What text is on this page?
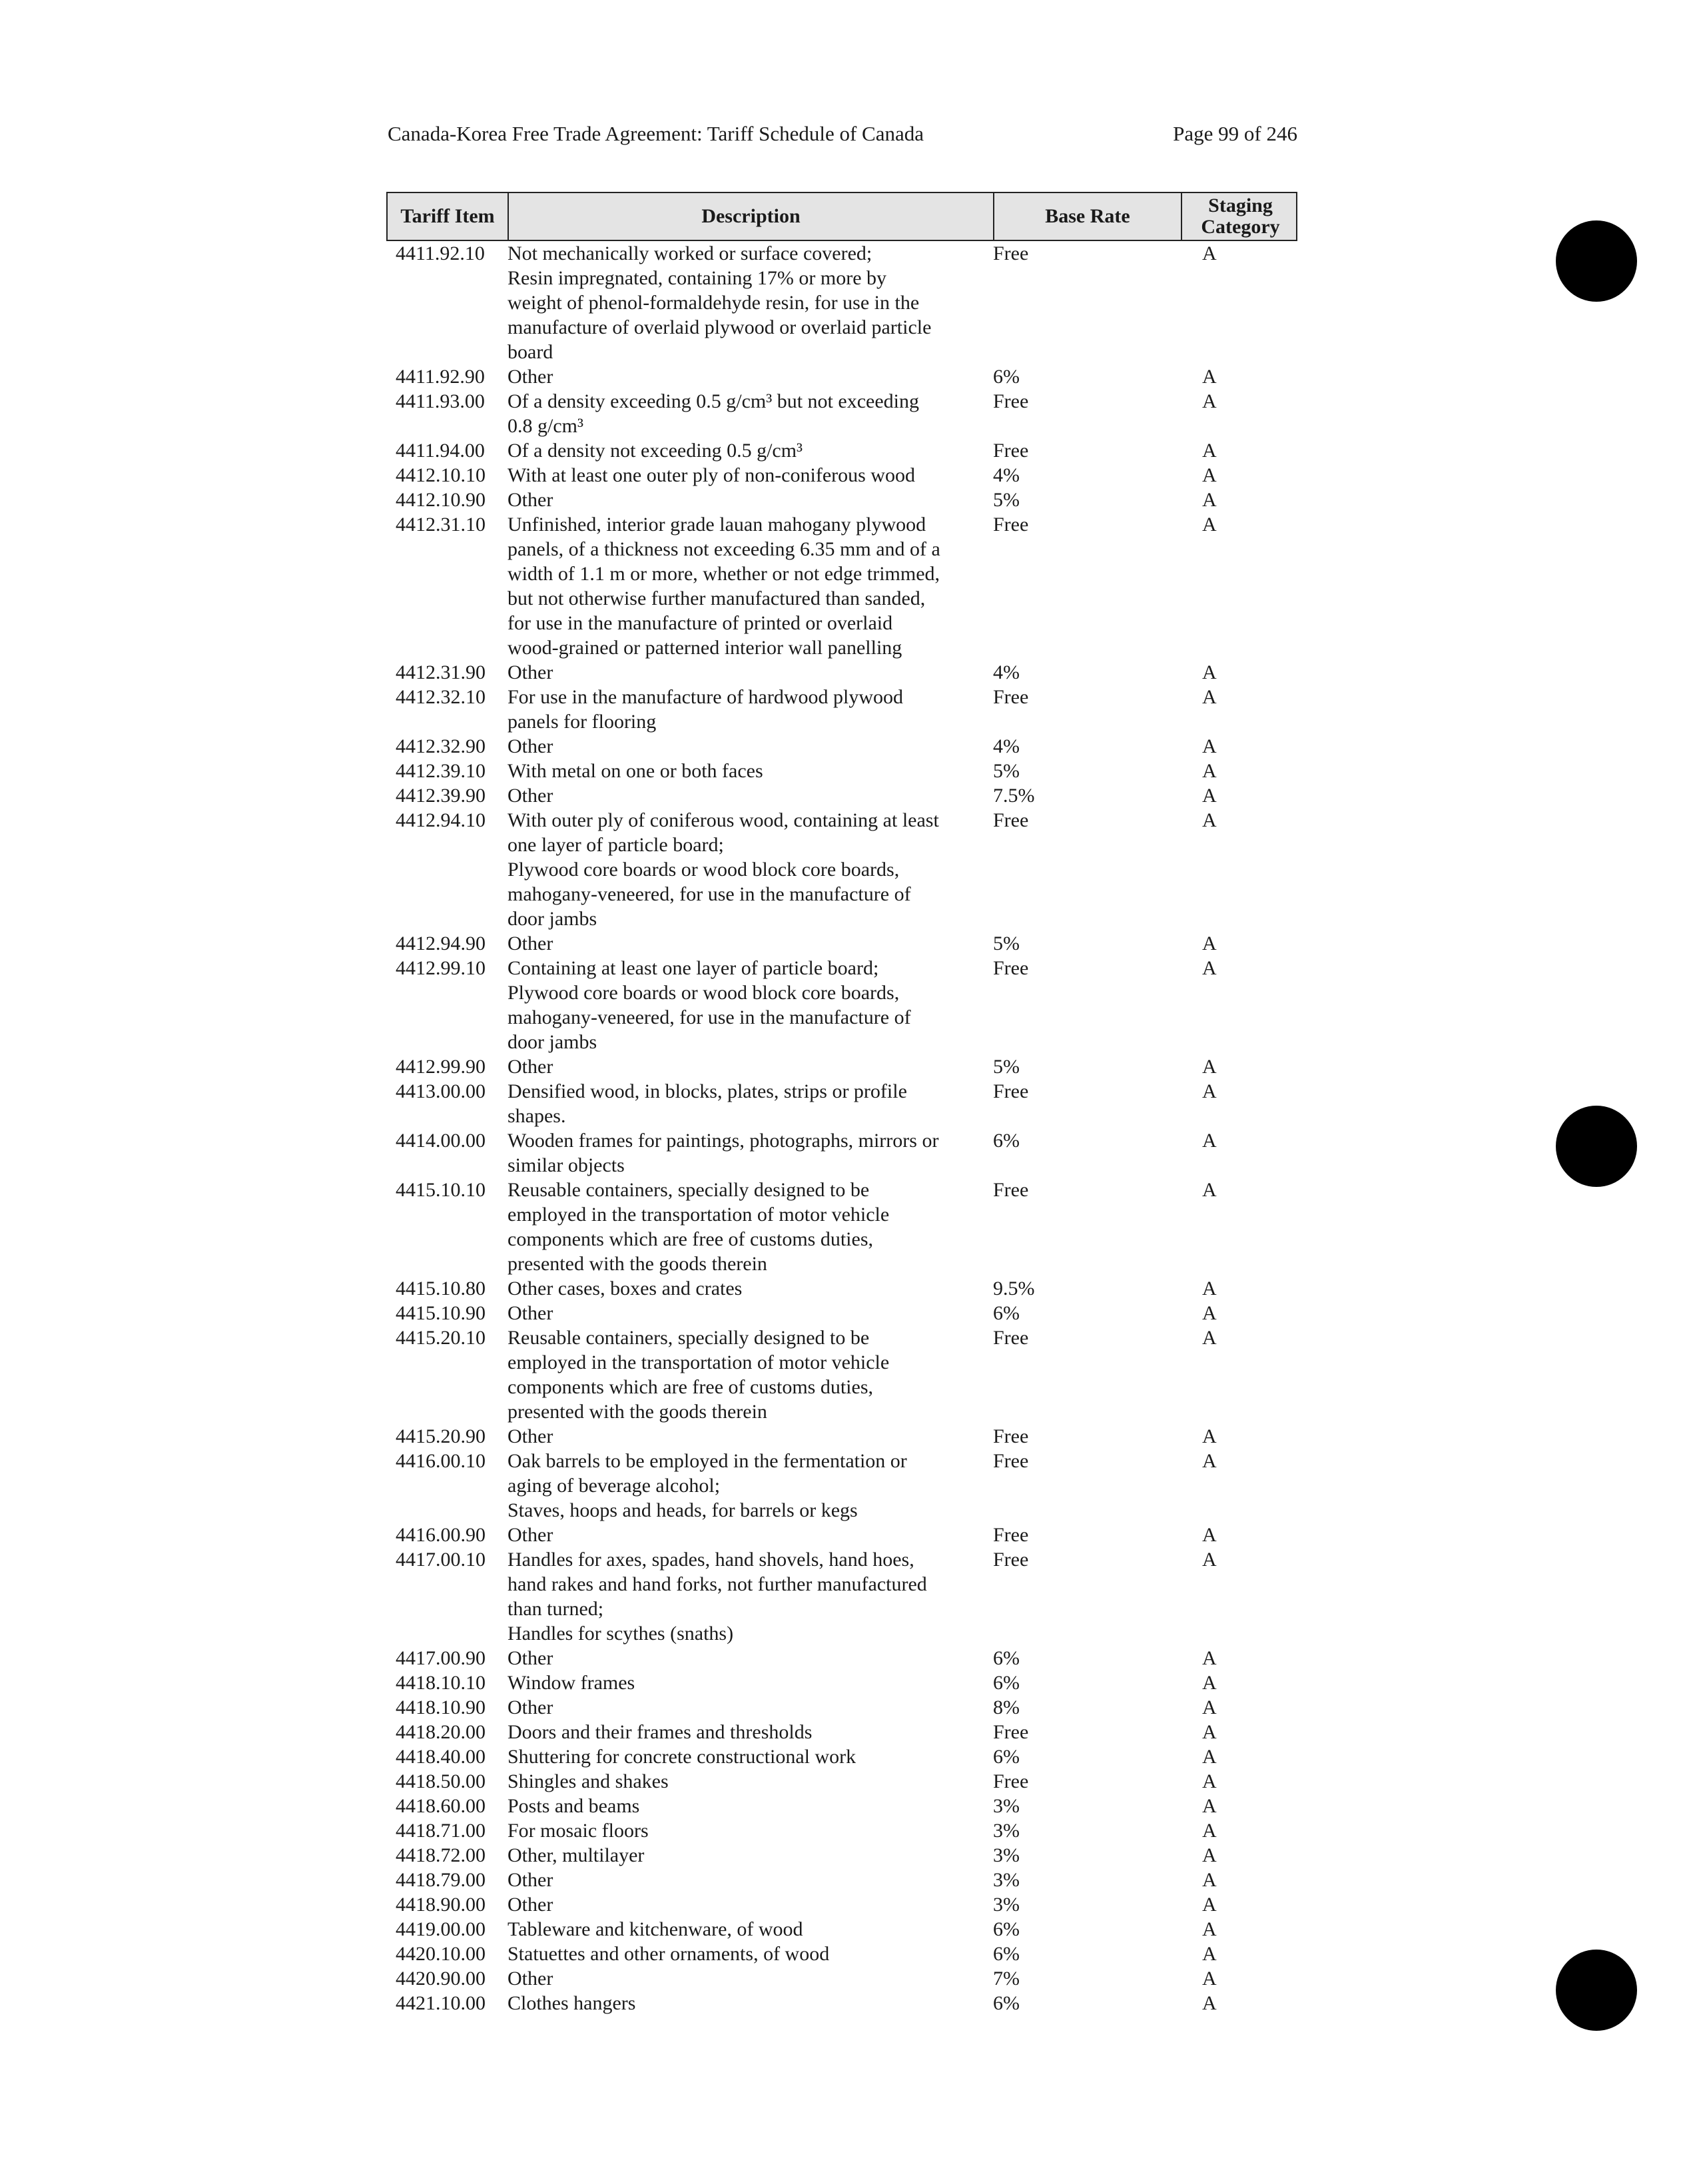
Canada-Korea Free Trade Agreement: Tariff Schedule of Canada	Page 99 of 246
Tariff Item	Description	Base Rate	Staging Category
4411.92.10	Not mechanically worked or surface covered;
Resin impregnated, containing 17% or more by
weight of phenol-formaldehyde resin, for use in the
manufacture of overlaid plywood or overlaid particle
board
Free	A
4411.92.90	Other	6%	A
4411.93.00	Of a density exceeding 0.5 g/cm³ but not exceeding
0.8 g/cm³
Free	A
4411.94.00	Of a density not exceeding 0.5 g/cm³	Free	A
4412.10.10	With at least one outer ply of non-coniferous wood	4%	A
4412.10.90	Other	5%	A
4412.31.10	Unfinished, interior grade lauan mahogany plywood
panels, of a thickness not exceeding 6.35 mm and of a
width of 1.1 m or more, whether or not edge trimmed,
but not otherwise further manufactured than sanded,
for use in the manufacture of printed or overlaid
wood-grained or patterned interior wall panelling
Free	A
4412.31.90	Other	4%	A
4412.32.10	For use in the manufacture of hardwood plywood
panels for flooring
Free	A
4412.32.90	Other	4%	A
4412.39.10	With metal on one or both faces	5%	A
4412.39.90	Other	7.5%	A
4412.94.10	With outer ply of coniferous wood, containing at least
one layer of particle board;
Plywood core boards or wood block core boards,
mahogany-veneered, for use in the manufacture of
door jambs
Free	A
4412.94.90	Other	5%	A
4412.99.10	Containing at least one layer of particle board;
Plywood core boards or wood block core boards,
mahogany-veneered, for use in the manufacture of
door jambs
Free	A
4412.99.90	Other	5%	A
4413.00.00	Densified wood, in blocks, plates, strips or profile
shapes.
Free	A
4414.00.00	Wooden frames for paintings, photographs, mirrors or
similar objects
6%	A
4415.10.10	Reusable containers, specially designed to be
employed in the transportation of motor vehicle
components which are free of customs duties,
presented with the goods therein
Free	A
4415.10.80	Other cases, boxes and crates	9.5%	A
4415.10.90	Other	6%	A
4415.20.10	Reusable containers, specially designed to be
employed in the transportation of motor vehicle
components which are free of customs duties,
presented with the goods therein
Free	A
4415.20.90	Other	Free	A
4416.00.10	Oak barrels to be employed in the fermentation or
aging of beverage alcohol;
Staves, hoops and heads, for barrels or kegs
Free	A
4416.00.90	Other	Free	A
4417.00.10	Handles for axes, spades, hand shovels, hand hoes,
hand rakes and hand forks, not further manufactured
than turned;
Handles for scythes (snaths)
Free	A
4417.00.90	Other	6%	A
4418.10.10	Window frames	6%	A
4418.10.90	Other	8%	A
4418.20.00	Doors and their frames and thresholds	Free	A
4418.40.00	Shuttering for concrete constructional work	6%	A
4418.50.00	Shingles and shakes	Free	A
4418.60.00	Posts and beams	3%	A
4418.71.00	For mosaic floors	3%	A
4418.72.00	Other, multilayer	3%	A
4418.79.00	Other	3%	A
4418.90.00	Other	3%	A
4419.00.00	Tableware and kitchenware, of wood	6%	A
4420.10.00	Statuettes and other ornaments, of wood	6%	A
4420.90.00	Other	7%	A
4421.10.00	Clothes hangers	6%	A
